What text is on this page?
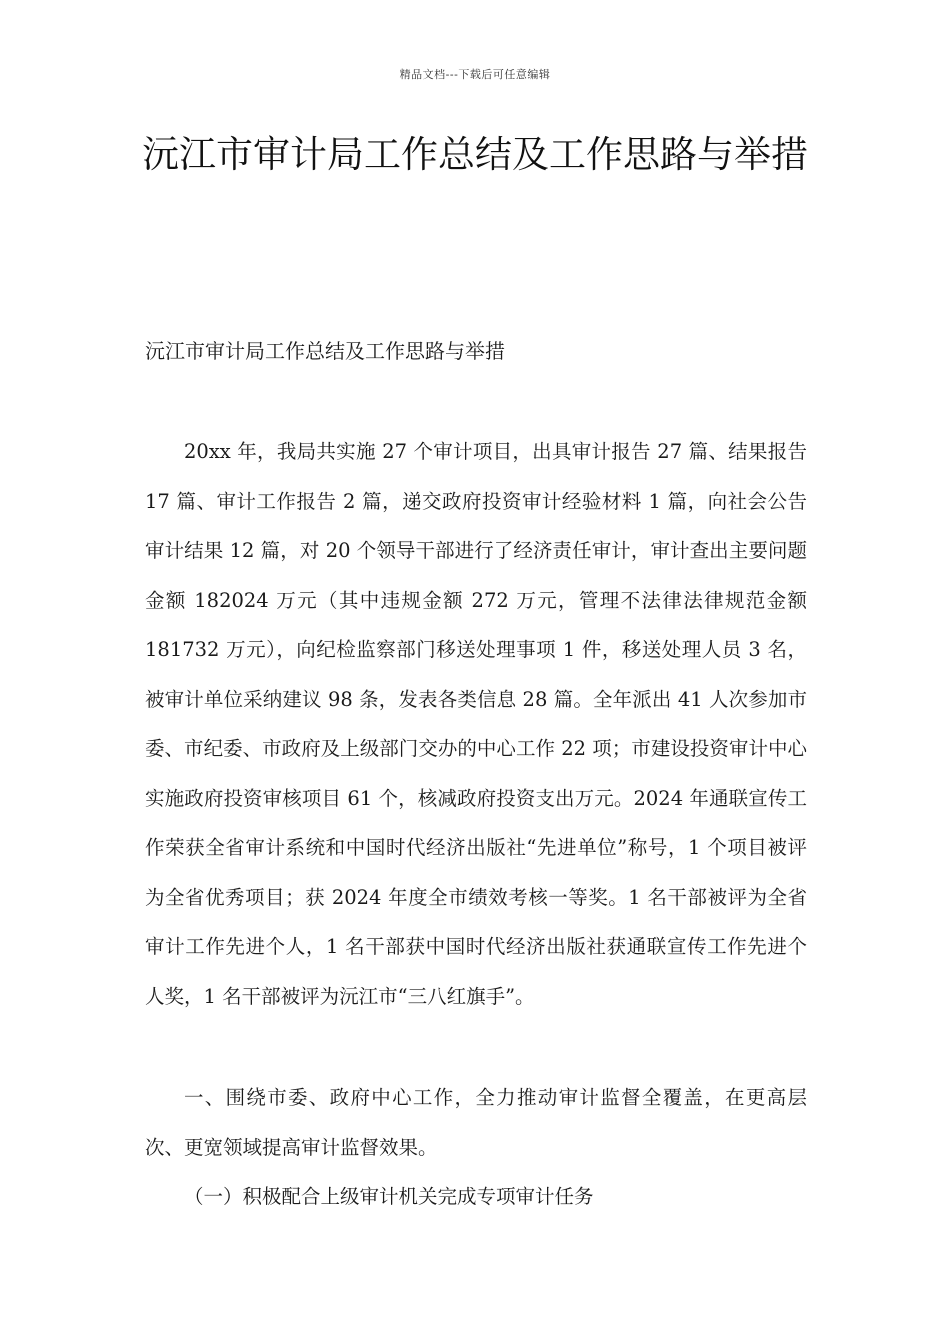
精品文档---下载后可任意编辑
沅江市审计局工作总结及工作思路与举措
沅江市审计局工作总结及工作思路与举措

20xx 年，我局共实施 27 个审计项目，出具审计报告 27 篇、结果报告 17 篇、审计工作报告 2 篇，递交政府投资审计经验材料 1 篇，向社会公告审计结果 12 篇，对 20 个领导干部进行了经济责任审计，审计查出主要问题金额 182024 万元（其中违规金额 272 万元，管理不法律法律规范金额 181732 万元），向纪检监察部门移送处理事项 1 件，移送处理人员 3 名，被审计单位采纳建议 98 条，发表各类信息 28 篇。全年派出 41 人次参加市委、市纪委、市政府及上级部门交办的中心工作 22 项；市建设投资审计中心实施政府投资审核项目 61 个，核减政府投资支出万元。2024 年通联宣传工作荣获全省审计系统和中国时代经济出版社“先进单位”称号，1 个项目被评为全省优秀项目；获 2024 年度全市绩效考核一等奖。1 名干部被评为全省审计工作先进个人，1 名干部获中国时代经济出版社获通联宣传工作先进个人奖，1 名干部被评为沅江市“三八红旗手”。

一、围绕市委、政府中心工作，全力推动审计监督全覆盖，在更高层次、更宽领域提高审计监督效果。

（一）积极配合上级审计机关完成专项审计任务
